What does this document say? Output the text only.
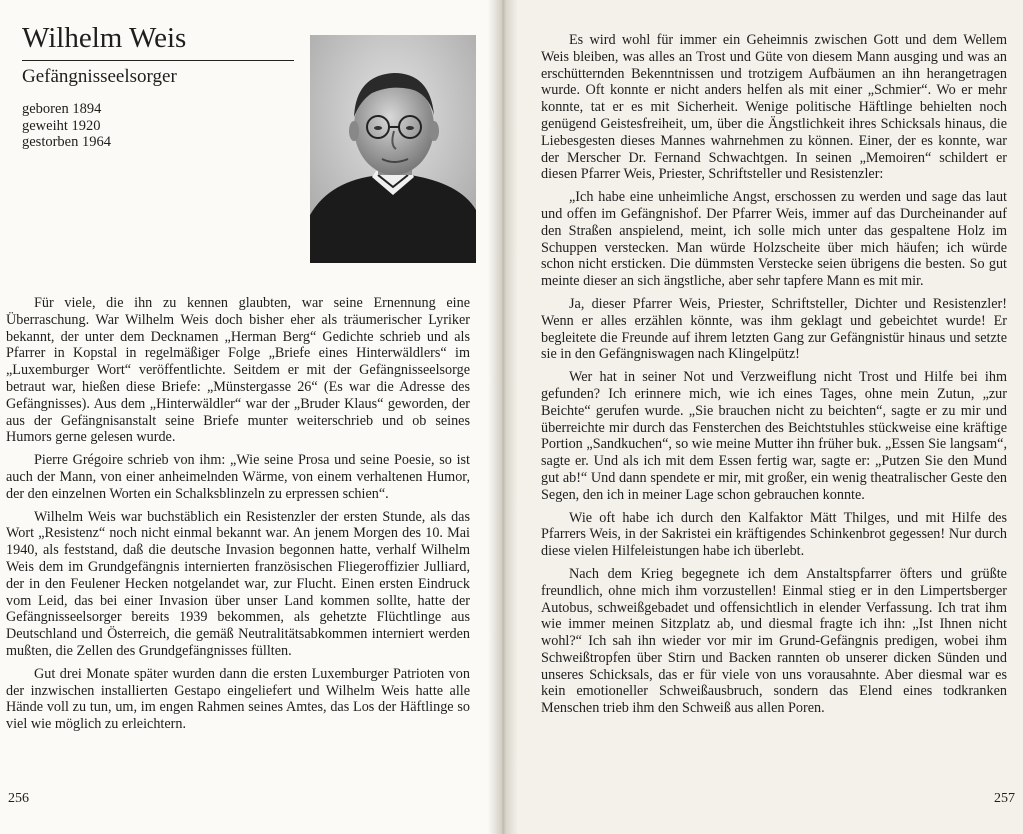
Wilhelm Weis
Gefängnisseelsorger
geboren 1894
geweiht 1920
gestorben 1964

Für viele, die ihn zu kennen glaubten, war seine Ernennung eine Überraschung. War Wilhelm Weis doch bisher eher als träumerischer Lyriker bekannt, der unter dem Decknamen „Herman Berg“ Gedichte schrieb und als Pfarrer in Kopstal in regelmäßiger Folge „Briefe eines Hinterwäldlers“ im „Luxemburger Wort“ veröffentlichte. Seitdem er mit der Gefängnisseelsorge betraut war, hießen diese Briefe: „Münstergasse 26“ (Es war die Adresse des Gefängnisses). Aus dem „Hinterwäldler“ war der „Bruder Klaus“ geworden, der aus der Gefängnisanstalt seine Briefe munter weiterschrieb und ob seines Humors gerne gelesen wurde.

Pierre Grégoire schrieb von ihm: „Wie seine Prosa und seine Poesie, so ist auch der Mann, von einer anheimelnden Wärme, von einem verhaltenen Humor, der den einzelnen Worten ein Schalksblinzeln zu erpressen schien“.

Wilhelm Weis war buchstäblich ein Resistenzler der ersten Stunde, als das Wort „Resistenz“ noch nicht einmal bekannt war. An jenem Morgen des 10. Mai 1940, als feststand, daß die deutsche Invasion begonnen hatte, verhalf Wilhelm Weis dem im Grundgefängnis internierten französischen Fliegeroffizier Julliard, der in den Feulener Hecken notgelandet war, zur Flucht. Einen ersten Eindruck vom Leid, das bei einer Invasion über unser Land kommen sollte, hatte der Gefängnisseelsorger bereits 1939 bekommen, als gehetzte Flüchtlinge aus Deutschland und Österreich, die gemäß Neutralitätsabkommen interniert werden mußten, die Zellen des Grundgefängnisses füllten.

Gut drei Monate später wurden dann die ersten Luxemburger Patrioten von der inzwischen installierten Gestapo eingeliefert und Wilhelm Weis hatte alle Hände voll zu tun, um, im engen Rahmen seines Amtes, das Los der Häftlinge so viel wie möglich zu erleichtern.

256	257

Es wird wohl für immer ein Geheimnis zwischen Gott und dem Wellem Weis bleiben, was alles an Trost und Güte von diesem Mann ausging und was an erschütternden Bekenntnissen und trotzigem Aufbäumen an ihn herangetragen wurde. Oft konnte er nicht anders helfen als mit einer „Schmier“. Wo er mehr konnte, tat er es mit Sicherheit. Wenige politische Häftlinge behielten noch genügend Geistesfreiheit, um, über die Ängstlichkeit ihres Schicksals hinaus, die Liebesgesten dieses Mannes wahrnehmen zu können. Einer, der es konnte, war der Merscher Dr. Fernand Schwachtgen. In seinen „Memoiren“ schildert er diesen Pfarrer Weis, Priester, Schriftsteller und Resistenzler:

„Ich habe eine unheimliche Angst, erschossen zu werden und sage das laut und offen im Gefängnishof. Der Pfarrer Weis, immer auf das Durcheinander auf den Straßen anspielend, meint, ich solle mich unter das gespaltene Holz im Schuppen verstecken. Man würde Holzscheite über mich häufen; ich würde schon nicht ersticken. Die dümmsten Verstecke seien übrigens die besten. So gut meinte dieser an sich ängstliche, aber sehr tapfere Mann es mit mir.

Ja, dieser Pfarrer Weis, Priester, Schriftsteller, Dichter und Resistenzler! Wenn er alles erzählen könnte, was ihm geklagt und gebeichtet wurde! Er begleitete die Freunde auf ihrem letzten Gang zur Gefängnistür hinaus und setzte sie in den Gefängniswagen nach Klingelpütz!

Wer hat in seiner Not und Verzweiflung nicht Trost und Hilfe bei ihm gefunden? Ich erinnere mich, wie ich eines Tages, ohne mein Zutun, „zur Beichte“ gerufen wurde. „Sie brauchen nicht zu beichten“, sagte er zu mir und überreichte mir durch das Fensterchen des Beichtstuhles stückweise eine kräftige Portion „Sandkuchen“, so wie meine Mutter ihn früher buk. „Essen Sie langsam“, sagte er. Und als ich mit dem Essen fertig war, sagte er: „Putzen Sie den Mund gut ab!“ Und dann spendete er mir, mit großer, ein wenig theatralischer Geste den Segen, den ich in meiner Lage schon gebrauchen konnte.

Wie oft habe ich durch den Kalfaktor Mätt Thilges, und mit Hilfe des Pfarrers Weis, in der Sakristei ein kräftigendes Schinkenbrot gegessen! Nur durch diese vielen Hilfeleistungen habe ich überlebt.

Nach dem Krieg begegnete ich dem Anstaltspfarrer öfters und grüßte freundlich, ohne mich ihm vorzustellen! Einmal stieg er in den Limpertsberger Autobus, schweißgebadet und offensichtlich in elender Verfassung. Ich trat ihm wie immer meinen Sitzplatz ab, und diesmal fragte ich ihn: „Ist Ihnen nicht wohl?“ Ich sah ihn wieder vor mir im Grund-Gefängnis predigen, wobei ihm Schweißtropfen über Stirn und Backen rannten ob unserer dicken Sünden und unseres Schicksals, das er für viele von uns vorausahnte. Aber diesmal war es kein emotioneller Schweißausbruch, sondern das Elend eines todkranken Menschen trieb ihm den Schweiß aus allen Poren.
